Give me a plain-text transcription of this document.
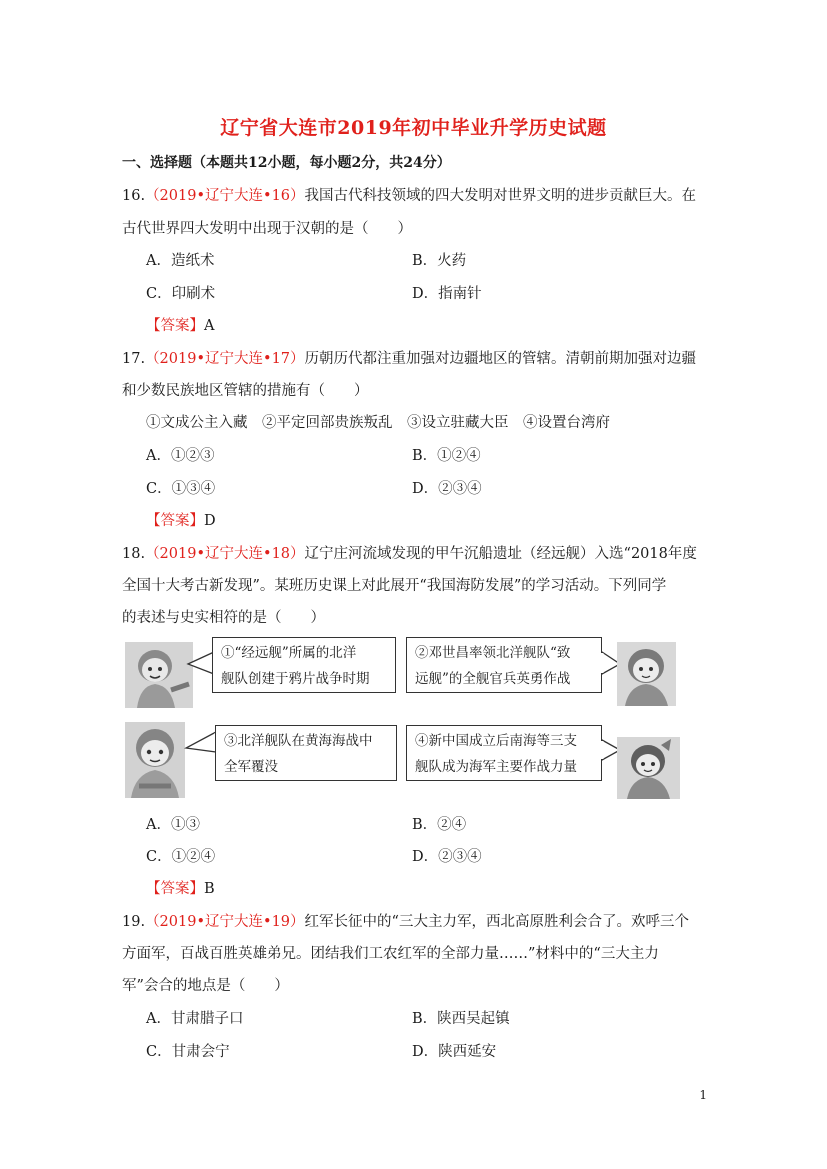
辽宁省大连市2019年初中毕业升学历史试题
一、选择题（本题共12小题，每小题2分，共24分）
16.（2019•辽宁大连•16）我国古代科技领域的四大发明对世界文明的进步贡献巨大。在
古代世界四大发明中出现于汉朝的是（　　）
A．造纸术	B．火药
C．印刷术	D．指南针
【答案】A
17.（2019•辽宁大连•17）历朝历代都注重加强对边疆地区的管辖。清朝前期加强对边疆
和少数民族地区管辖的措施有（　　）
①文成公主入藏　②平定回部贵族叛乱　③设立驻藏大臣　④设置台湾府
A．①②③	B．①②④
C．①③④	D．②③④
【答案】D
18.（2019•辽宁大连•18）辽宁庄河流域发现的甲午沉船遗址（经远舰）入选“2018年度
全国十大考古新发现”。某班历史课上对此展开“我国海防发展”的学习活动。下列同学
的表述与史实相符的是（　　）
①“经远舰”所属的北洋
舰队创建于鸦片战争时期
②邓世昌率领北洋舰队“致
远舰”的全舰官兵英勇作战
③北洋舰队在黄海海战中
全军覆没
④新中国成立后南海等三支
舰队成为海军主要作战力量
A．①③	B．②④
C．①②④	D．②③④
【答案】B
19.（2019•辽宁大连•19）红军长征中的“三大主力军，西北高原胜利会合了。欢呼三个
方面军，百战百胜英雄弟兄。团结我们工农红军的全部力量……”材料中的“三大主力
军”会合的地点是（　　）
A．甘肃腊子口	B．陕西吴起镇
C．甘肃会宁	D．陕西延安
1
